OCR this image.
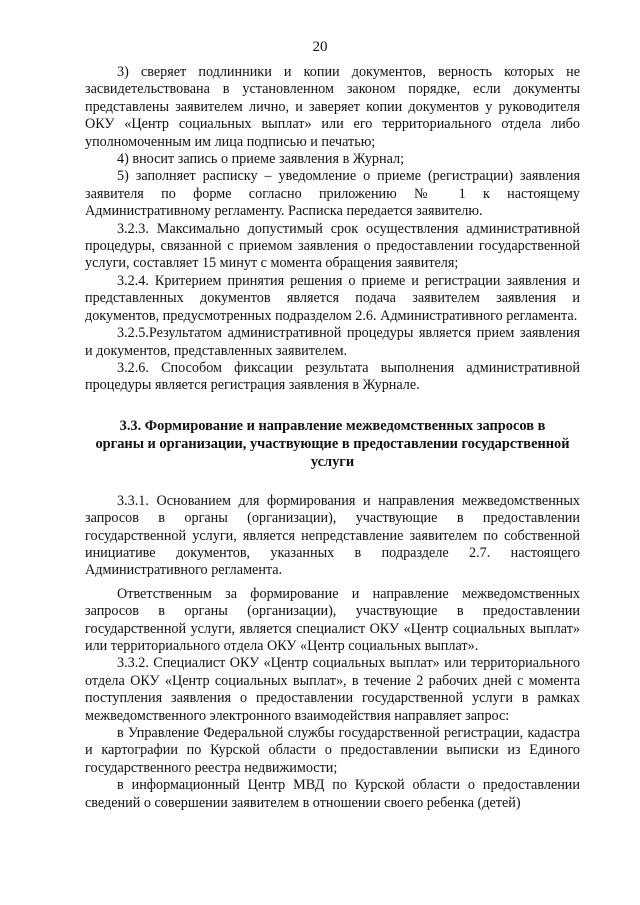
20

3) сверяет подлинники и копии документов, верность которых не засвидетельствована в установленном законом порядке, если документы представлены заявителем лично, и заверяет копии документов у руководителя ОКУ «Центр социальных выплат» или его территориального отдела либо уполномоченным им лица подписью и печатью;

4) вносит запись о приеме заявления в Журнал;

5) заполняет расписку – уведомление о приеме (регистрации) заявления заявителя по форме согласно приложению № 1 к настоящему Административному регламенту. Расписка передается заявителю.

3.2.3. Максимально допустимый срок осуществления административной процедуры, связанной с приемом заявления о предоставлении государственной услуги, составляет 15 минут с момента обращения заявителя;

3.2.4. Критерием принятия решения о приеме и регистрации заявления и представленных документов является подача заявителем заявления и документов, предусмотренных подразделом 2.6. Административного регламента.

3.2.5.Результатом административной процедуры является прием заявления и документов, представленных заявителем.

3.2.6. Способом фиксации результата выполнения административной процедуры является регистрация заявления в Журнале.

3.3. Формирование и направление межведомственных запросов в органы и организации, участвующие в предоставлении государственной услуги

3.3.1. Основанием для формирования и направления межведомственных запросов в органы (организации), участвующие в предоставлении государственной услуги, является непредставление заявителем по собственной инициативе документов, указанных в подразделе 2.7. настоящего Административного регламента.

Ответственным за формирование и направление межведомственных запросов в органы (организации), участвующие в предоставлении государственной услуги, является специалист ОКУ «Центр социальных выплат» или территориального отдела ОКУ «Центр социальных выплат».

3.3.2. Специалист ОКУ «Центр социальных выплат» или территориального отдела ОКУ «Центр социальных выплат», в течение 2 рабочих дней с момента поступления заявления о предоставлении государственной услуги в рамках межведомственного электронного взаимодействия направляет запрос:

в Управление Федеральной службы государственной регистрации, кадастра и картографии по Курской области о предоставлении выписки из Единого государственного реестра недвижимости;

в информационный Центр МВД по Курской области о предоставлении сведений о совершении заявителем в отношении своего ребенка (детей)
